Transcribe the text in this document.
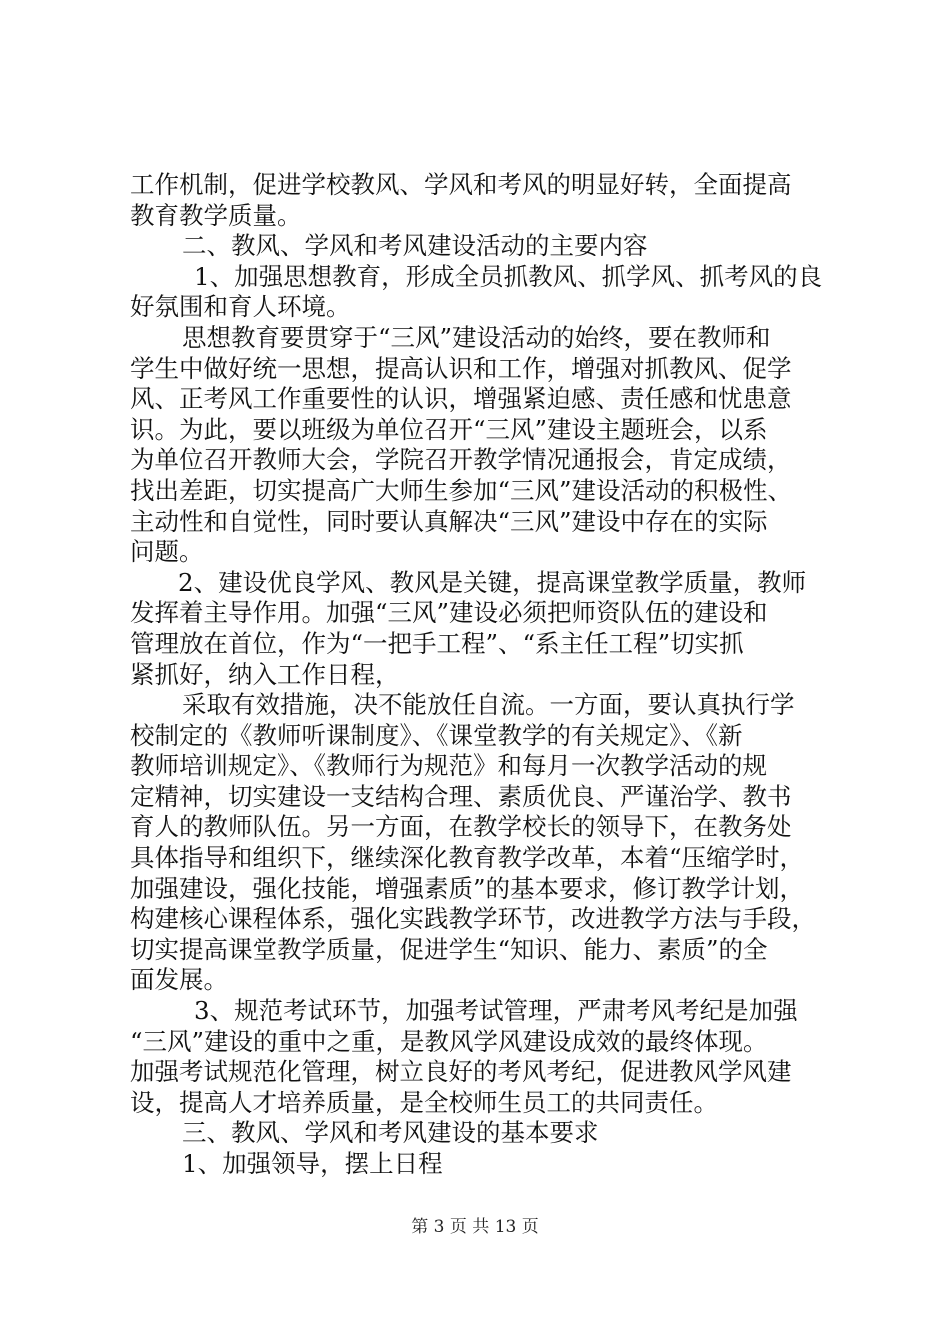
工作机制，促进学校教风、学风和考风的明显好转，全面提高
教育教学质量。
二、教风、学风和考风建设活动的主要内容
1、加强思想教育，形成全员抓教风、抓学风、抓考风的良
好氛围和育人环境。
思想教育要贯穿于“三风”建设活动的始终，要在教师和
学生中做好统一思想，提高认识和工作，增强对抓教风、促学
风、正考风工作重要性的认识，增强紧迫感、责任感和忧患意
识。为此，要以班级为单位召开“三风”建设主题班会，以系
为单位召开教师大会，学院召开教学情况通报会，肯定成绩，
找出差距，切实提高广大师生参加“三风”建设活动的积极性、
主动性和自觉性，同时要认真解决“三风”建设中存在的实际
问题。
2、建设优良学风、教风是关键，提高课堂教学质量，教师
发挥着主导作用。加强“三风”建设必须把师资队伍的建设和
管理放在首位，作为“一把手工程”、“系主任工程”切实抓
紧抓好，纳入工作日程，
采取有效措施，决不能放任自流。一方面，要认真执行学
校制定的《教师听课制度》、《课堂教学的有关规定》、《新
教师培训规定》、《教师行为规范》和每月一次教学活动的规
定精神，切实建设一支结构合理、素质优良、严谨治学、教书
育人的教师队伍。另一方面，在教学校长的领导下，在教务处
具体指导和组织下，继续深化教育教学改革，本着“压缩学时，
加强建设，强化技能，增强素质”的基本要求，修订教学计划，
构建核心课程体系，强化实践教学环节，改进教学方法与手段，
切实提高课堂教学质量，促进学生“知识、能力、素质”的全
面发展。
3、规范考试环节，加强考试管理，严肃考风考纪是加强
“三风”建设的重中之重，是教风学风建设成效的最终体现。
加强考试规范化管理，树立良好的考风考纪，促进教风学风建
设，提高人才培养质量，是全校师生员工的共同责任。
三、教风、学风和考风建设的基本要求
1、加强领导，摆上日程
第 3 页 共 13 页
